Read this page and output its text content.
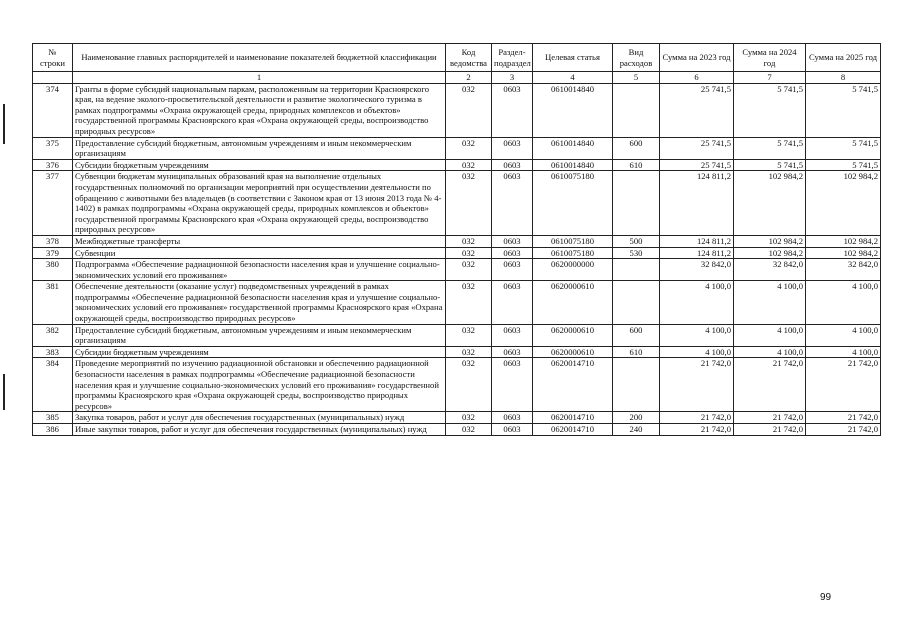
№ строки	Наименование главных распорядителей и наименование показателей бюджетной классификации	Код ведомства	Раздел-подраздел	Целевая статья	Вид расходов	Сумма на 2023 год	Сумма на 2024 год	Сумма на 2025 год
	1	2	3	4	5	6	7	8
374	Гранты в форме субсидий национальным паркам, расположенным на территории Красноярского края, на ведение эколого-просветительской деятельности и развитие экологического туризма в рамках подпрограммы «Охрана окружающей среды, природных комплексов и объектов» государственной программы Красноярского края «Охрана окружающей среды, воспроизводство природных ресурсов»	032	0603	0610014840		25 741,5	5 741,5	5 741,5
375	Предоставление субсидий бюджетным, автономным учреждениям и иным некоммерческим организациям	032	0603	0610014840	600	25 741,5	5 741,5	5 741,5
376	Субсидии бюджетным учреждениям	032	0603	0610014840	610	25 741,5	5 741,5	5 741,5
377	Субвенции бюджетам муниципальных образований края на выполнение отдельных государственных полномочий по организации мероприятий при осуществлении деятельности по обращению с животными без владельцев (в соответствии с Законом края от 13 июня 2013 года № 4-1402) в рамках подпрограммы «Охрана окружающей среды, природных комплексов и объектов» государственной программы Красноярского края «Охрана окружающей среды, воспроизводство природных ресурсов»	032	0603	0610075180		124 811,2	102 984,2	102 984,2
378	Межбюджетные трансферты	032	0603	0610075180	500	124 811,2	102 984,2	102 984,2
379	Субвенции	032	0603	0610075180	530	124 811,2	102 984,2	102 984,2
380	Подпрограмма «Обеспечение радиационной безопасности населения края и улучшение социально-экономических условий его проживания»	032	0603	0620000000		32 842,0	32 842,0	32 842,0
381	Обеспечение деятельности (оказание услуг) подведомственных учреждений в рамках подпрограммы «Обеспечение радиационной безопасности населения края и улучшение социально-экономических условий его проживания» государственной программы Красноярского края «Охрана окружающей среды, воспроизводство природных ресурсов»	032	0603	0620000610		4 100,0	4 100,0	4 100,0
382	Предоставление субсидий бюджетным, автономным учреждениям и иным некоммерческим организациям	032	0603	0620000610	600	4 100,0	4 100,0	4 100,0
383	Субсидии бюджетным учреждениям	032	0603	0620000610	610	4 100,0	4 100,0	4 100,0
384	Проведение мероприятий по изучению радиационной обстановки и обеспечению радиационной безопасности населения в рамках подпрограммы «Обеспечение радиационной безопасности населения края и улучшение социально-экономических условий его проживания» государственной программы Красноярского края «Охрана окружающей среды, воспроизводство природных ресурсов»	032	0603	0620014710		21 742,0	21 742,0	21 742,0
385	Закупка товаров, работ и услуг для обеспечения государственных (муниципальных) нужд	032	0603	0620014710	200	21 742,0	21 742,0	21 742,0
386	Иные закупки товаров, работ и услуг для обеспечения государственных (муниципальных) нужд	032	0603	0620014710	240	21 742,0	21 742,0	21 742,0
99
